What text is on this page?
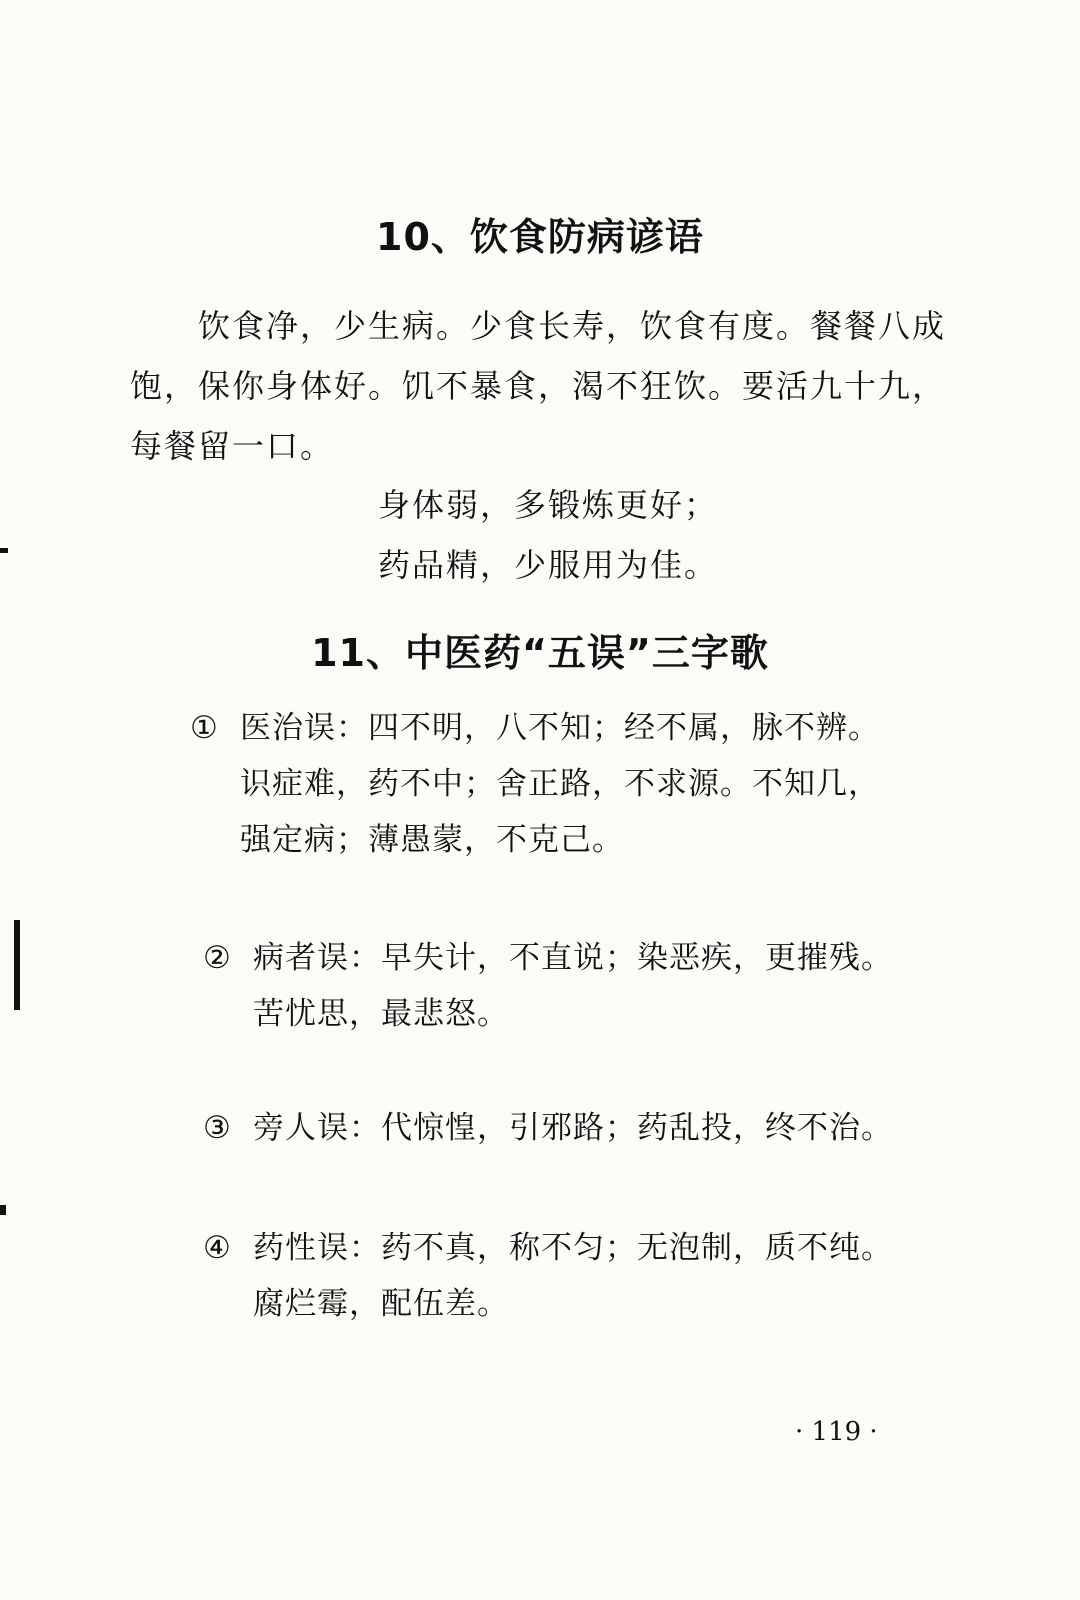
10、饮食防病谚语
饮食净，少生病。少食长寿，饮食有度。餐餐八成饱，保你身体好。饥不暴食，渴不狂饮。要活九十九，每餐留一口。
身体弱，多锻炼更好；
药品精，少服用为佳。
11、中医药“五误”三字歌
① 医治误：四不明，八不知；经不属，脉不辨。
识症难，药不中；舍正路，不求源。不知几，
强定病；薄愚蒙，不克己。
② 病者误：早失计，不直说；染恶疾，更摧残。
苦忧思，最悲怒。
③ 旁人误：代惊惶，引邪路；药乱投，终不治。
④ 药性误：药不真，称不匀；无泡制，质不纯。
腐烂霉，配伍差。
· 119 ·
